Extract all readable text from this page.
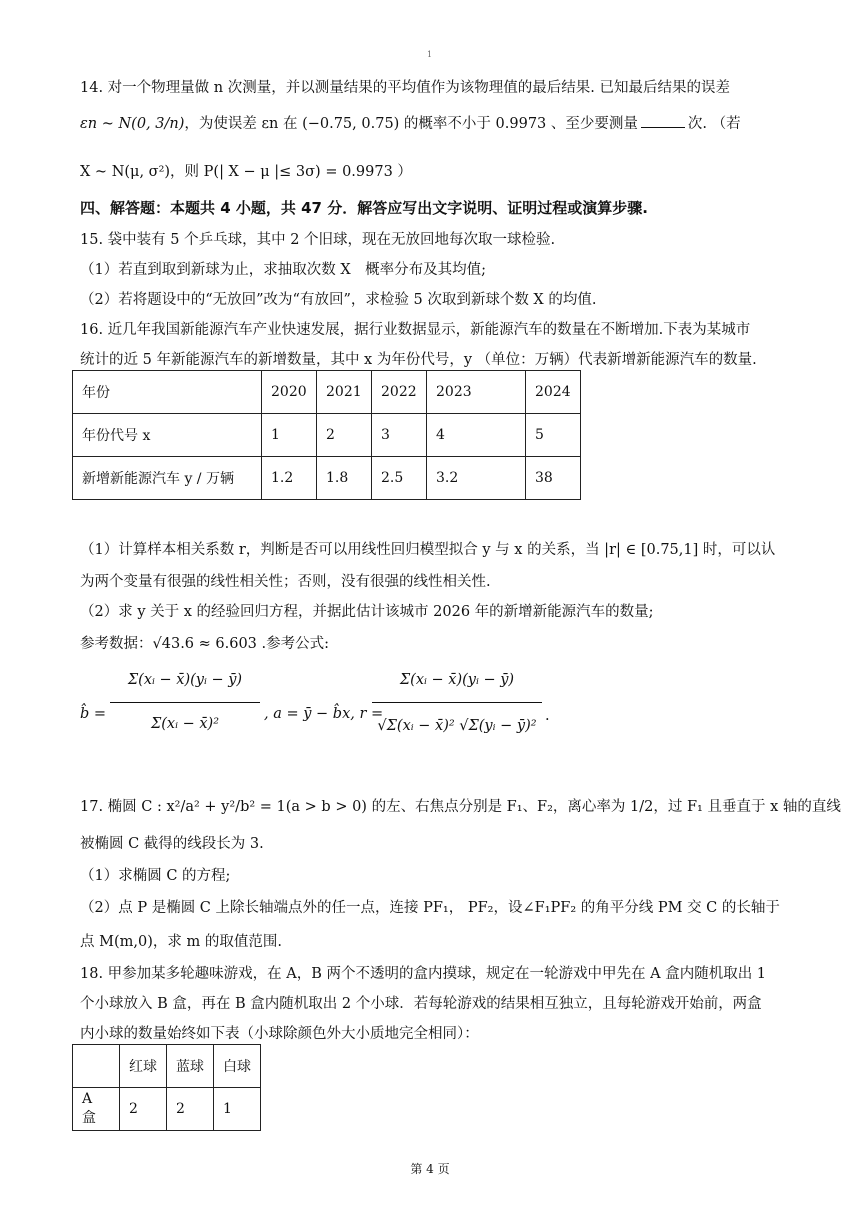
1
14. 对一个物理量做 n 次测量，并以测量结果的平均值作为该物理值的最后结果. 已知最后结果的误差
εn ~ N(0, 3/n)，为使误差 εn 在 (−0.75, 0.75) 的概率不小于 0.9973 、至少要测量	次. （若
X ~ N(μ, σ²)，则 P(| X − μ |≤ 3σ) = 0.9973 ）
四、解答题：本题共 4 小题，共 47 分．解答应写出文字说明、证明过程或演算步骤.
15. 袋中装有 5 个乒乓球，其中 2 个旧球，现在无放回地每次取一球检验.
（1）若直到取到新球为止，求抽取次数 X　概率分布及其均值;
（2）若将题设中的“无放回”改为“有放回”，求检验 5 次取到新球个数 X 的均值.
16. 近几年我国新能源汽车产业快速发展，据行业数据显示，新能源汽车的数量在不断增加.下表为某城市
统计的近 5 年新能源汽车的新增数量，其中 x 为年份代号，y （单位：万辆）代表新增新能源汽车的数量.
年份	2020	2021	2022	2023	2024
年份代号 x	1	2	3	4	5
新增新能源汽车 y / 万辆	1.2	1.8	2.5	3.2	38
（1）计算样本相关系数 r，判断是否可以用线性回归模型拟合 y 与 x 的关系，当 |r| ∈ [0.75,1] 时，可以认
为两个变量有很强的线性相关性；否则，没有很强的线性相关性.
（2）求 y 关于 x 的经验回归方程，并据此估计该城市 2026 年的新增新能源汽车的数量;
参考数据：√43.6 ≈ 6.603 .参考公式:
b̂ =
Σ(xᵢ − x̄)(yᵢ − ȳ)
Σ(xᵢ − x̄)²
, a = ȳ − b̂x, r =
Σ(xᵢ − x̄)(yᵢ − ȳ)
√Σ(xᵢ − x̄)² √Σ(yᵢ − ȳ)²
.
17. 椭圆 C : x²/a² + y²/b² = 1(a > b > 0) 的左、右焦点分别是 F₁、F₂，离心率为 1/2，过 F₁ 且垂直于 x 轴的直线
被椭圆 C 截得的线段长为 3.
（1）求椭圆 C 的方程;
（2）点 P 是椭圆 C 上除长轴端点外的任一点，连接 PF₁， PF₂，设∠F₁PF₂ 的角平分线 PM 交 C 的长轴于
点 M(m,0)，求 m 的取值范围.
18. 甲参加某多轮趣味游戏，在 A，B 两个不透明的盒内摸球，规定在一轮游戏中甲先在 A 盒内随机取出 1
个小球放入 B 盒，再在 B 盒内随机取出 2 个小球．若每轮游戏的结果相互独立，且每轮游戏开始前，两盒
内小球的数量始终如下表（小球除颜色外大小质地完全相同）：
	红球	蓝球	白球
A 盒	2	2	1
第 4 页
